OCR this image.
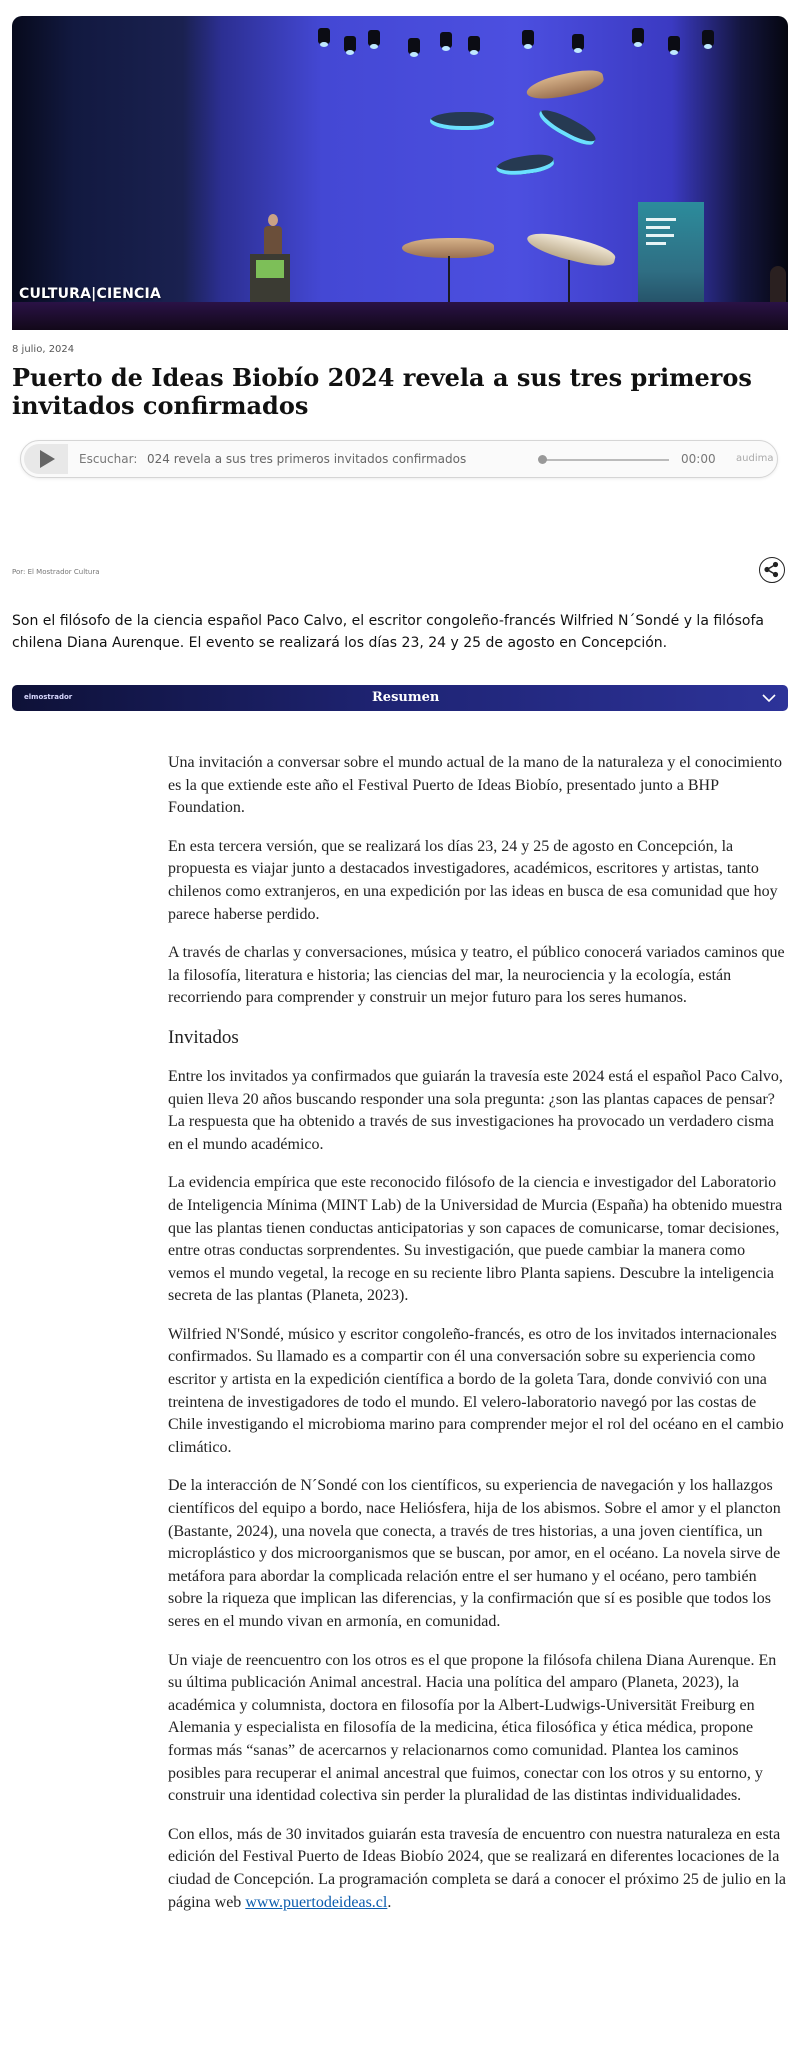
CULTURA|CIENCIA
8 julio, 2024
Puerto de Ideas Biobío 2024 revela a sus tres primeros invitados confirmados
Escuchar: 024 revela a sus tres primeros invitados confirmados	00:00 audima
Por: El Mostrador Cultura

Son el filósofo de la ciencia español Paco Calvo, el escritor congoleño-francés Wilfried N´Sondé y la filósofa chilena Diana Aurenque. El evento se realizará los días 23, 24 y 25 de agosto en Concepción.

elmostrador	Resumen

Una invitación a conversar sobre el mundo actual de la mano de la naturaleza y el conocimiento es la que extiende este año el Festival Puerto de Ideas Biobío, presentado junto a BHP Foundation.

En esta tercera versión, que se realizará los días 23, 24 y 25 de agosto en Concepción, la propuesta es viajar junto a destacados investigadores, académicos, escritores y artistas, tanto chilenos como extranjeros, en una expedición por las ideas en busca de esa comunidad que hoy parece haberse perdido.

A través de charlas y conversaciones, música y teatro, el público conocerá variados caminos que la filosofía, literatura e historia; las ciencias del mar, la neurociencia y la ecología, están recorriendo para comprender y construir un mejor futuro para los seres humanos.

Invitados

Entre los invitados ya confirmados que guiarán la travesía este 2024 está el español Paco Calvo, quien lleva 20 años buscando responder una sola pregunta: ¿son las plantas capaces de pensar? La respuesta que ha obtenido a través de sus investigaciones ha provocado un verdadero cisma en el mundo académico.

La evidencia empírica que este reconocido filósofo de la ciencia e investigador del Laboratorio de Inteligencia Mínima (MINT Lab) de la Universidad de Murcia (España) ha obtenido muestra que las plantas tienen conductas anticipatorias y son capaces de comunicarse, tomar decisiones, entre otras conductas sorprendentes. Su investigación, que puede cambiar la manera como vemos el mundo vegetal, la recoge en su reciente libro Planta sapiens. Descubre la inteligencia secreta de las plantas (Planeta, 2023).

Wilfried N'Sondé, músico y escritor congoleño-francés, es otro de los invitados internacionales confirmados. Su llamado es a compartir con él una conversación sobre su experiencia como escritor y artista en la expedición científica a bordo de la goleta Tara, donde convivió con una treintena de investigadores de todo el mundo. El velero-laboratorio navegó por las costas de Chile investigando el microbioma marino para comprender mejor el rol del océano en el cambio climático.

De la interacción de N´Sondé con los científicos, su experiencia de navegación y los hallazgos científicos del equipo a bordo, nace Heliósfera, hija de los abismos. Sobre el amor y el plancton (Bastante, 2024), una novela que conecta, a través de tres historias, a una joven científica, un microplástico y dos microorganismos que se buscan, por amor, en el océano. La novela sirve de metáfora para abordar la complicada relación entre el ser humano y el océano, pero también sobre la riqueza que implican las diferencias, y la confirmación que sí es posible que todos los seres en el mundo vivan en armonía, en comunidad.

Un viaje de reencuentro con los otros es el que propone la filósofa chilena Diana Aurenque. En su última publicación Animal ancestral. Hacia una política del amparo (Planeta, 2023), la académica y columnista, doctora en filosofía por la Albert-Ludwigs-Universität Freiburg en Alemania y especialista en filosofía de la medicina, ética filosófica y ética médica, propone formas más “sanas” de acercarnos y relacionarnos como comunidad. Plantea los caminos posibles para recuperar el animal ancestral que fuimos, conectar con los otros y su entorno, y construir una identidad colectiva sin perder la pluralidad de las distintas individualidades.

Con ellos, más de 30 invitados guiarán esta travesía de encuentro con nuestra naturaleza en esta edición del Festival Puerto de Ideas Biobío 2024, que se realizará en diferentes locaciones de la ciudad de Concepción. La programación completa se dará a conocer el próximo 25 de julio en la página web www.puertodeideas.cl.
